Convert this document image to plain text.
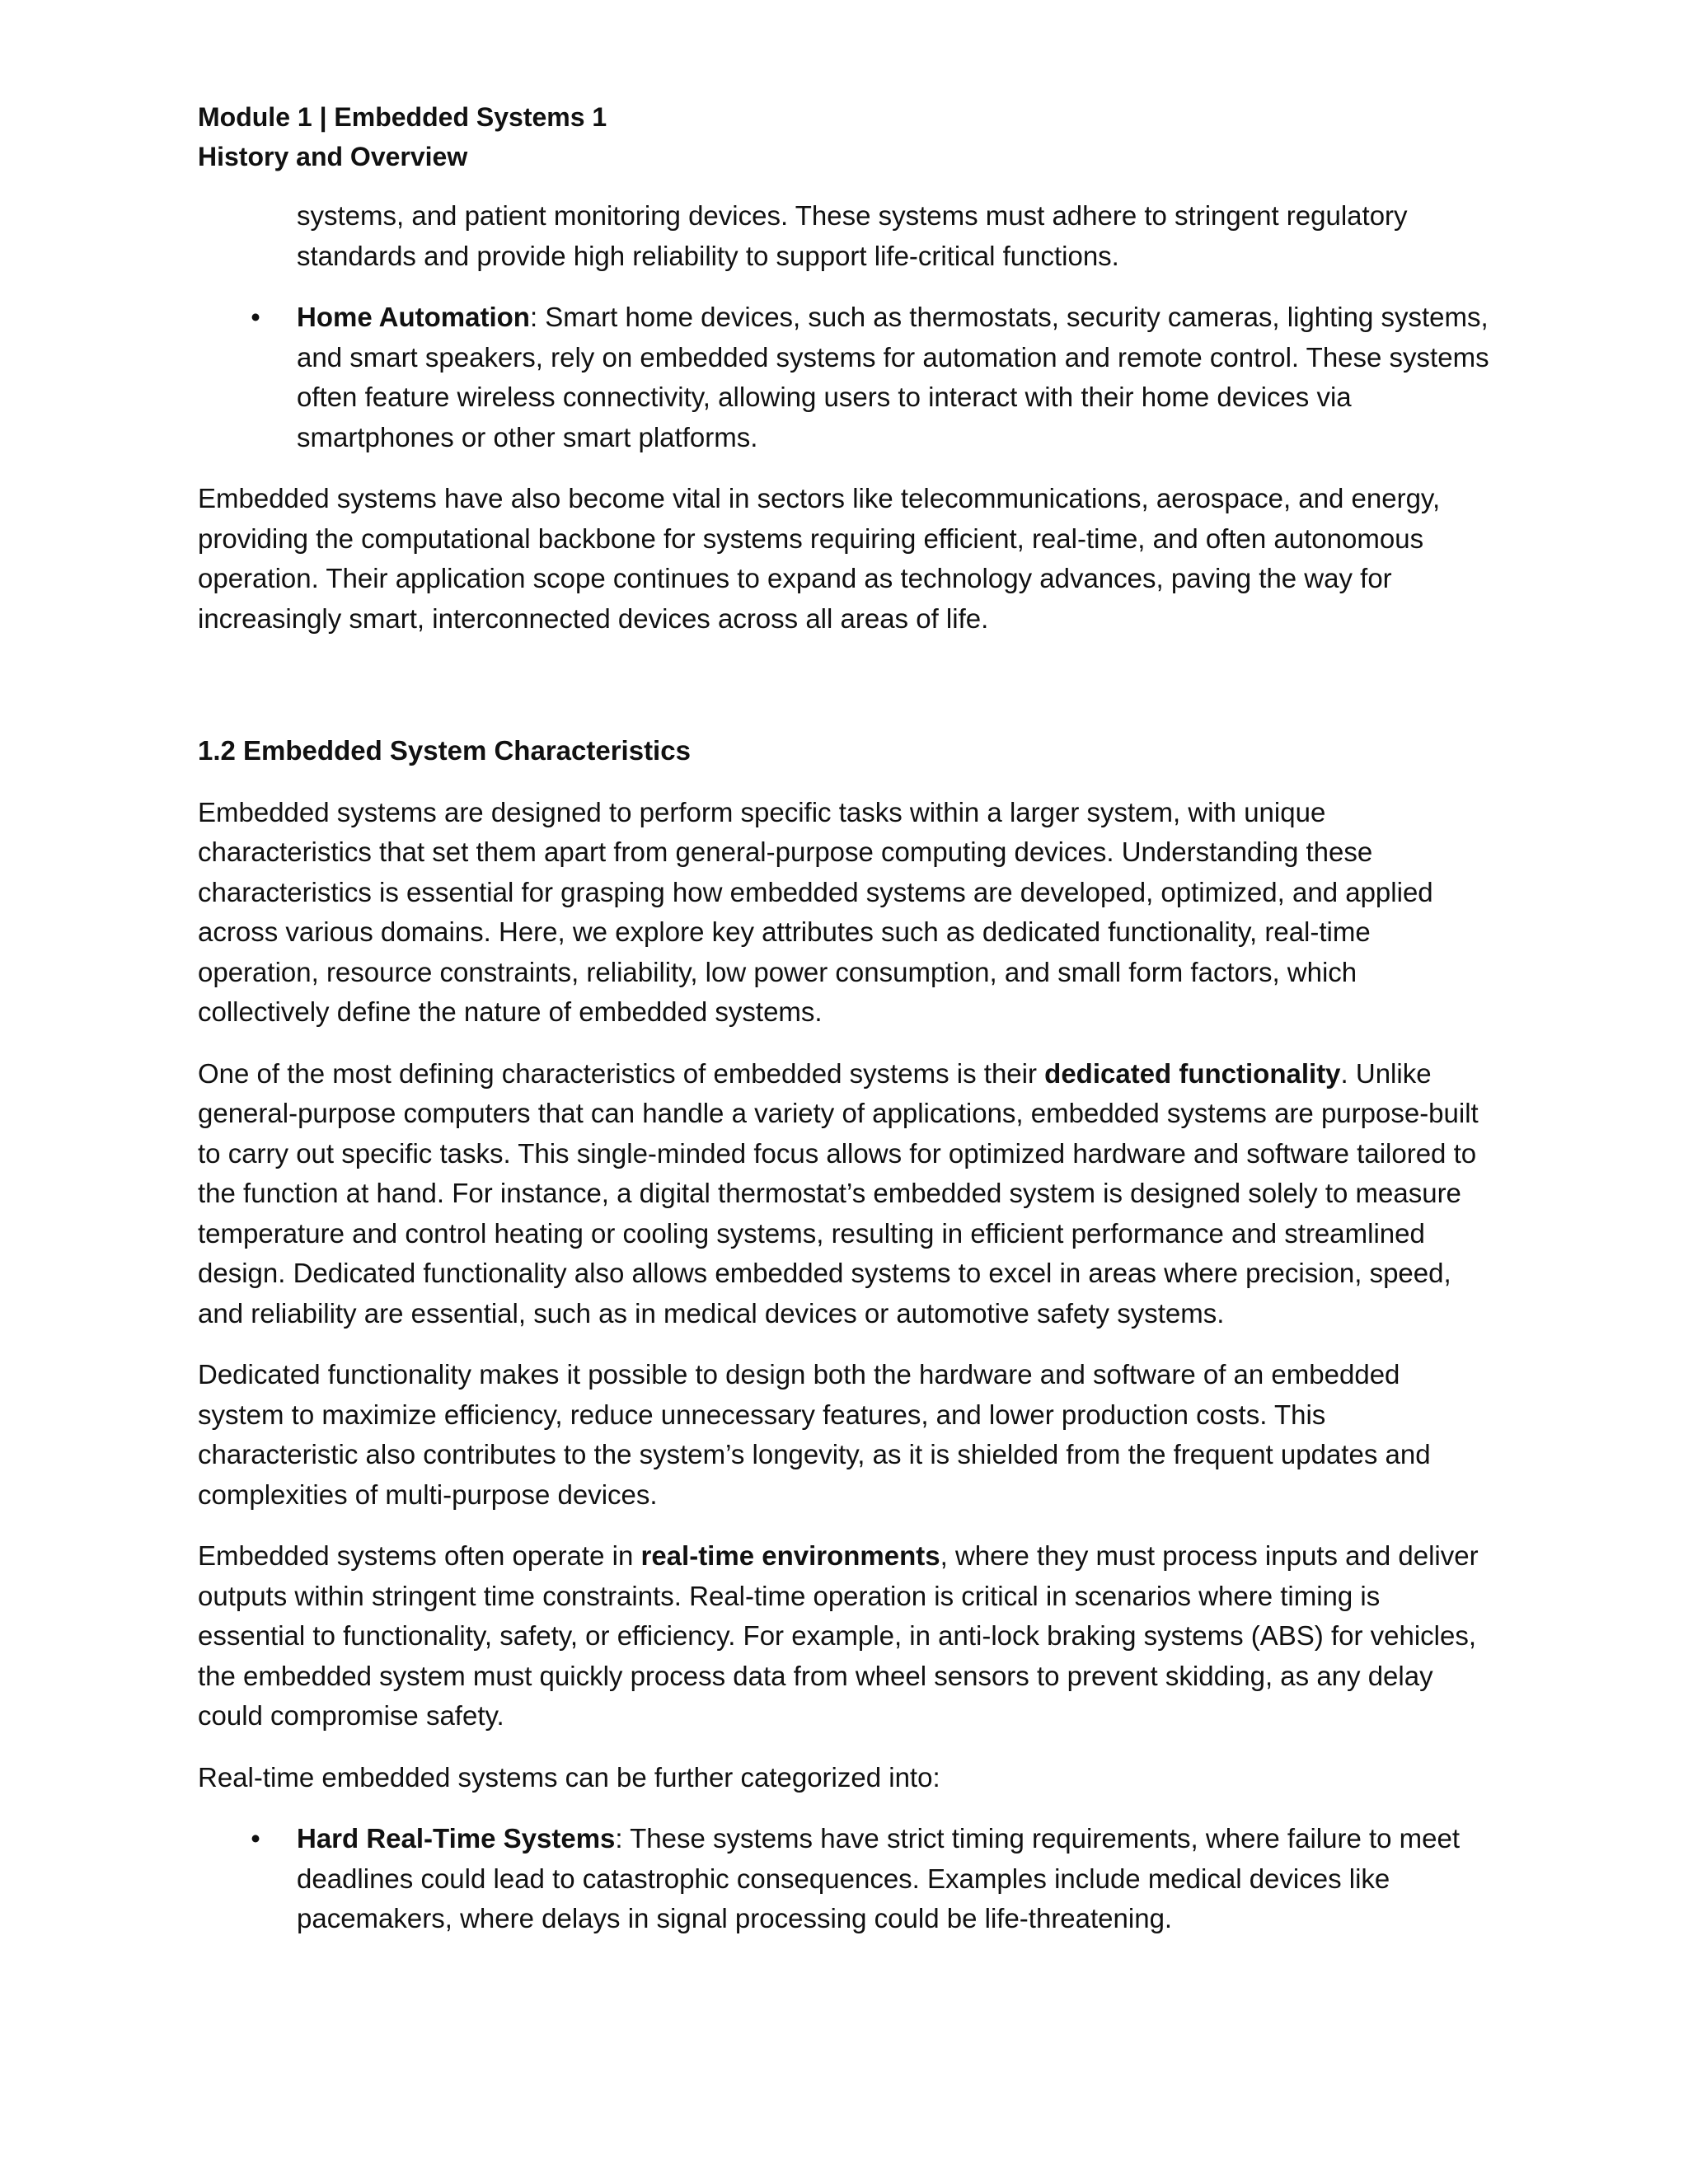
Module 1 | Embedded Systems 1
History and Overview

systems, and patient monitoring devices. These systems must adhere to stringent regulatory standards and provide high reliability to support life-critical functions.

• Home Automation: Smart home devices, such as thermostats, security cameras, lighting systems, and smart speakers, rely on embedded systems for automation and remote control. These systems often feature wireless connectivity, allowing users to interact with their home devices via smartphones or other smart platforms.

Embedded systems have also become vital in sectors like telecommunications, aerospace, and energy, providing the computational backbone for systems requiring efficient, real-time, and often autonomous operation. Their application scope continues to expand as technology advances, paving the way for increasingly smart, interconnected devices across all areas of life.

1.2 Embedded System Characteristics

Embedded systems are designed to perform specific tasks within a larger system, with unique characteristics that set them apart from general-purpose computing devices. Understanding these characteristics is essential for grasping how embedded systems are developed, optimized, and applied across various domains. Here, we explore key attributes such as dedicated functionality, real-time operation, resource constraints, reliability, low power consumption, and small form factors, which collectively define the nature of embedded systems.

One of the most defining characteristics of embedded systems is their dedicated functionality. Unlike general-purpose computers that can handle a variety of applications, embedded systems are purpose-built to carry out specific tasks. This single-minded focus allows for optimized hardware and software tailored to the function at hand. For instance, a digital thermostat’s embedded system is designed solely to measure temperature and control heating or cooling systems, resulting in efficient performance and streamlined design. Dedicated functionality also allows embedded systems to excel in areas where precision, speed, and reliability are essential, such as in medical devices or automotive safety systems.

Dedicated functionality makes it possible to design both the hardware and software of an embedded system to maximize efficiency, reduce unnecessary features, and lower production costs. This characteristic also contributes to the system’s longevity, as it is shielded from the frequent updates and complexities of multi-purpose devices.

Embedded systems often operate in real-time environments, where they must process inputs and deliver outputs within stringent time constraints. Real-time operation is critical in scenarios where timing is essential to functionality, safety, or efficiency. For example, in anti-lock braking systems (ABS) for vehicles, the embedded system must quickly process data from wheel sensors to prevent skidding, as any delay could compromise safety.

Real-time embedded systems can be further categorized into:

• Hard Real-Time Systems: These systems have strict timing requirements, where failure to meet deadlines could lead to catastrophic consequences. Examples include medical devices like pacemakers, where delays in signal processing could be life-threatening.
